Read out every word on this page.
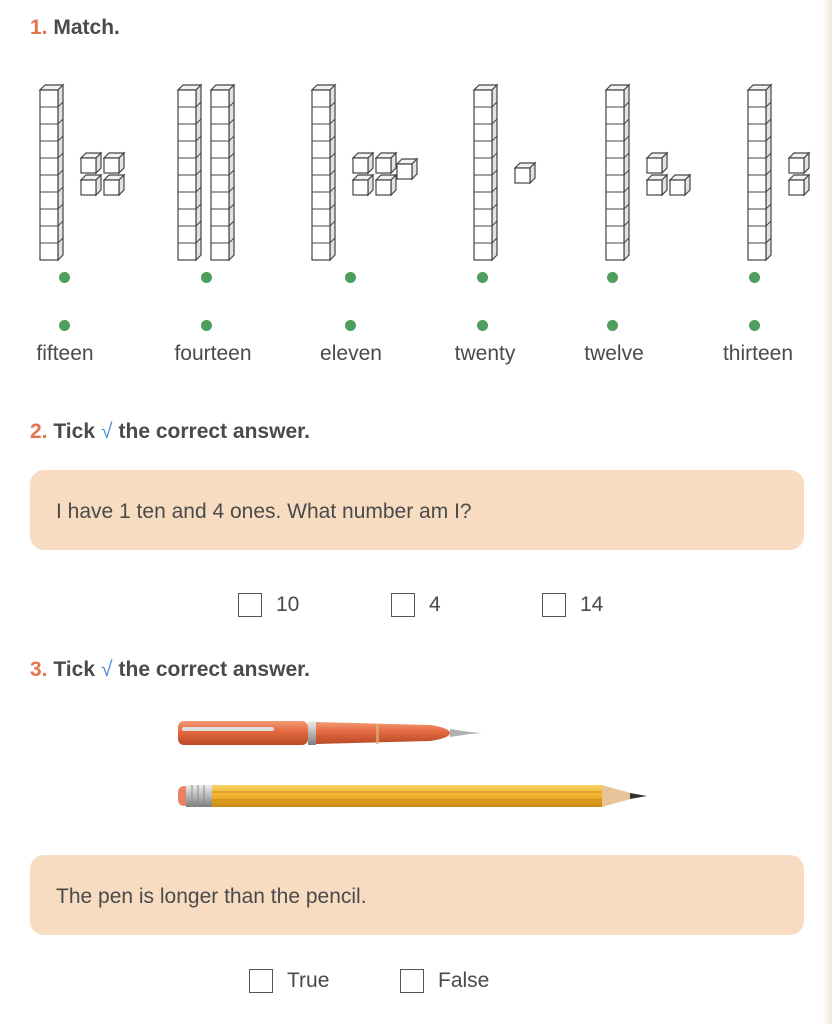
1. Match.
fifteen	fourteen	eleven	twenty	twelve	thirteen
2. Tick √ the correct answer.
I have 1 ten and 4 ones. What number am I?
10	4	14
3. Tick √ the correct answer.
The pen is longer than the pencil.
True	False
